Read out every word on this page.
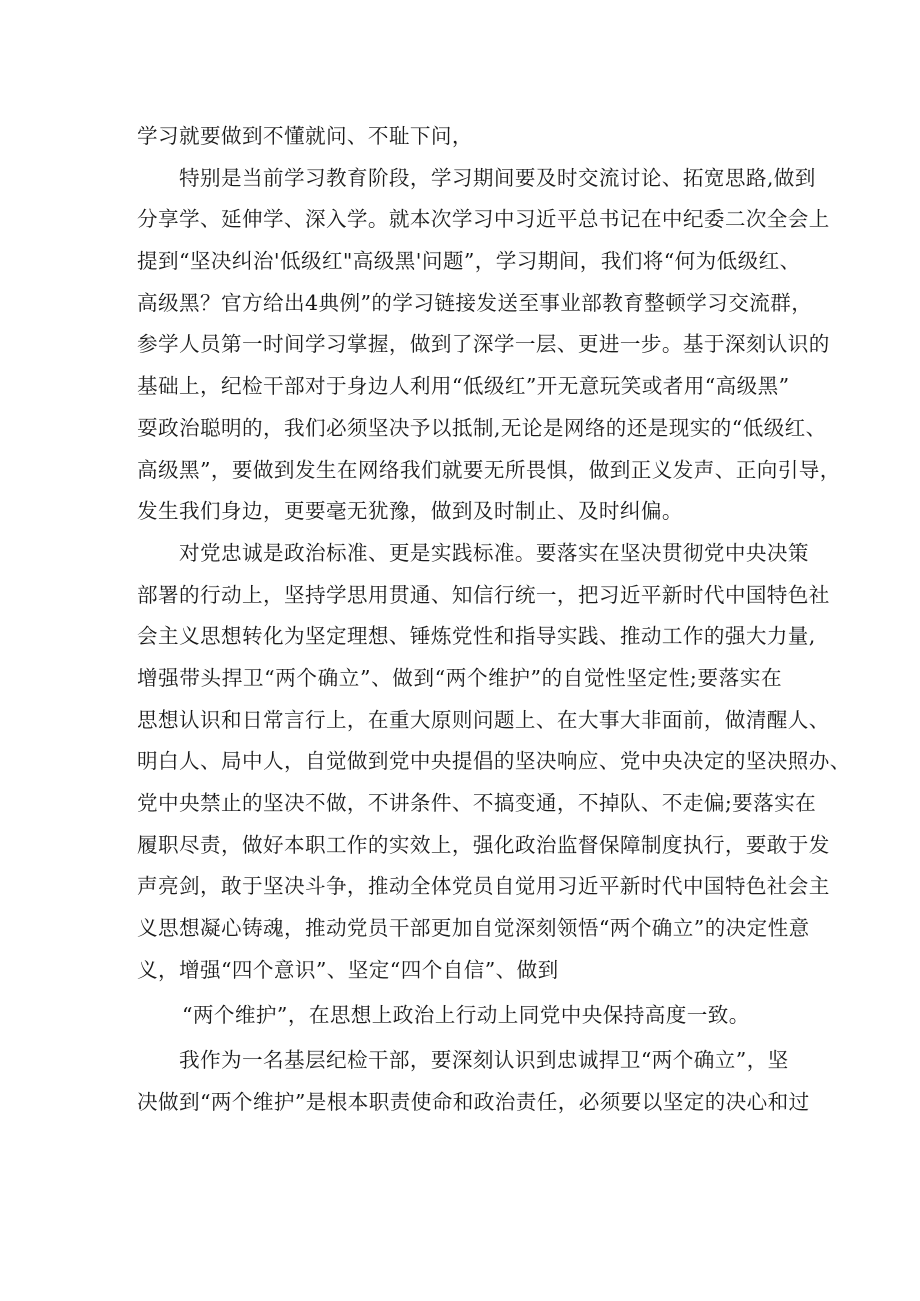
学习就要做到不懂就问、不耻下问，
特别是当前学习教育阶段，学习期间要及时交流讨论、拓宽思路,做到
分享学、延伸学、深入学。就本次学习中习近平总书记在中纪委二次全会上
提到“坚决纠治'低级红"高级黑'问题”，学习期间，我们将“何为低级红、
高级黑？官方给出4典例”的学习链接发送至事业部教育整顿学习交流群，
参学人员第一时间学习掌握，做到了深学一层、更进一步。基于深刻认识的
基础上，纪检干部对于身边人利用“低级红”开无意玩笑或者用“高级黑”
耍政治聪明的，我们必须坚决予以抵制,无论是网络的还是现实的“低级红、
高级黑”，要做到发生在网络我们就要无所畏惧，做到正义发声、正向引导，
发生我们身边，更要毫无犹豫，做到及时制止、及时纠偏。
对党忠诚是政治标准、更是实践标准。要落实在坚决贯彻党中央决策
部署的行动上，坚持学思用贯通、知信行统一，把习近平新时代中国特色社
会主义思想转化为坚定理想、锤炼党性和指导实践、推动工作的强大力量,
增强带头捍卫“两个确立”、做到“两个维护”的自觉性坚定性;要落实在
思想认识和日常言行上，在重大原则问题上、在大事大非面前，做清醒人、
明白人、局中人，自觉做到党中央提倡的坚决响应、党中央决定的坚决照办、
党中央禁止的坚决不做，不讲条件、不搞变通，不掉队、不走偏;要落实在
履职尽责，做好本职工作的实效上，强化政治监督保障制度执行，要敢于发
声亮剑，敢于坚决斗争，推动全体党员自觉用习近平新时代中国特色社会主
义思想凝心铸魂，推动党员干部更加自觉深刻领悟“两个确立”的决定性意
义，增强“四个意识”、坚定“四个自信”、做到
“两个维护”，在思想上政治上行动上同党中央保持高度一致。
我作为一名基层纪检干部，要深刻认识到忠诚捍卫“两个确立”，坚
决做到“两个维护”是根本职责使命和政治责任，必须要以坚定的决心和过
